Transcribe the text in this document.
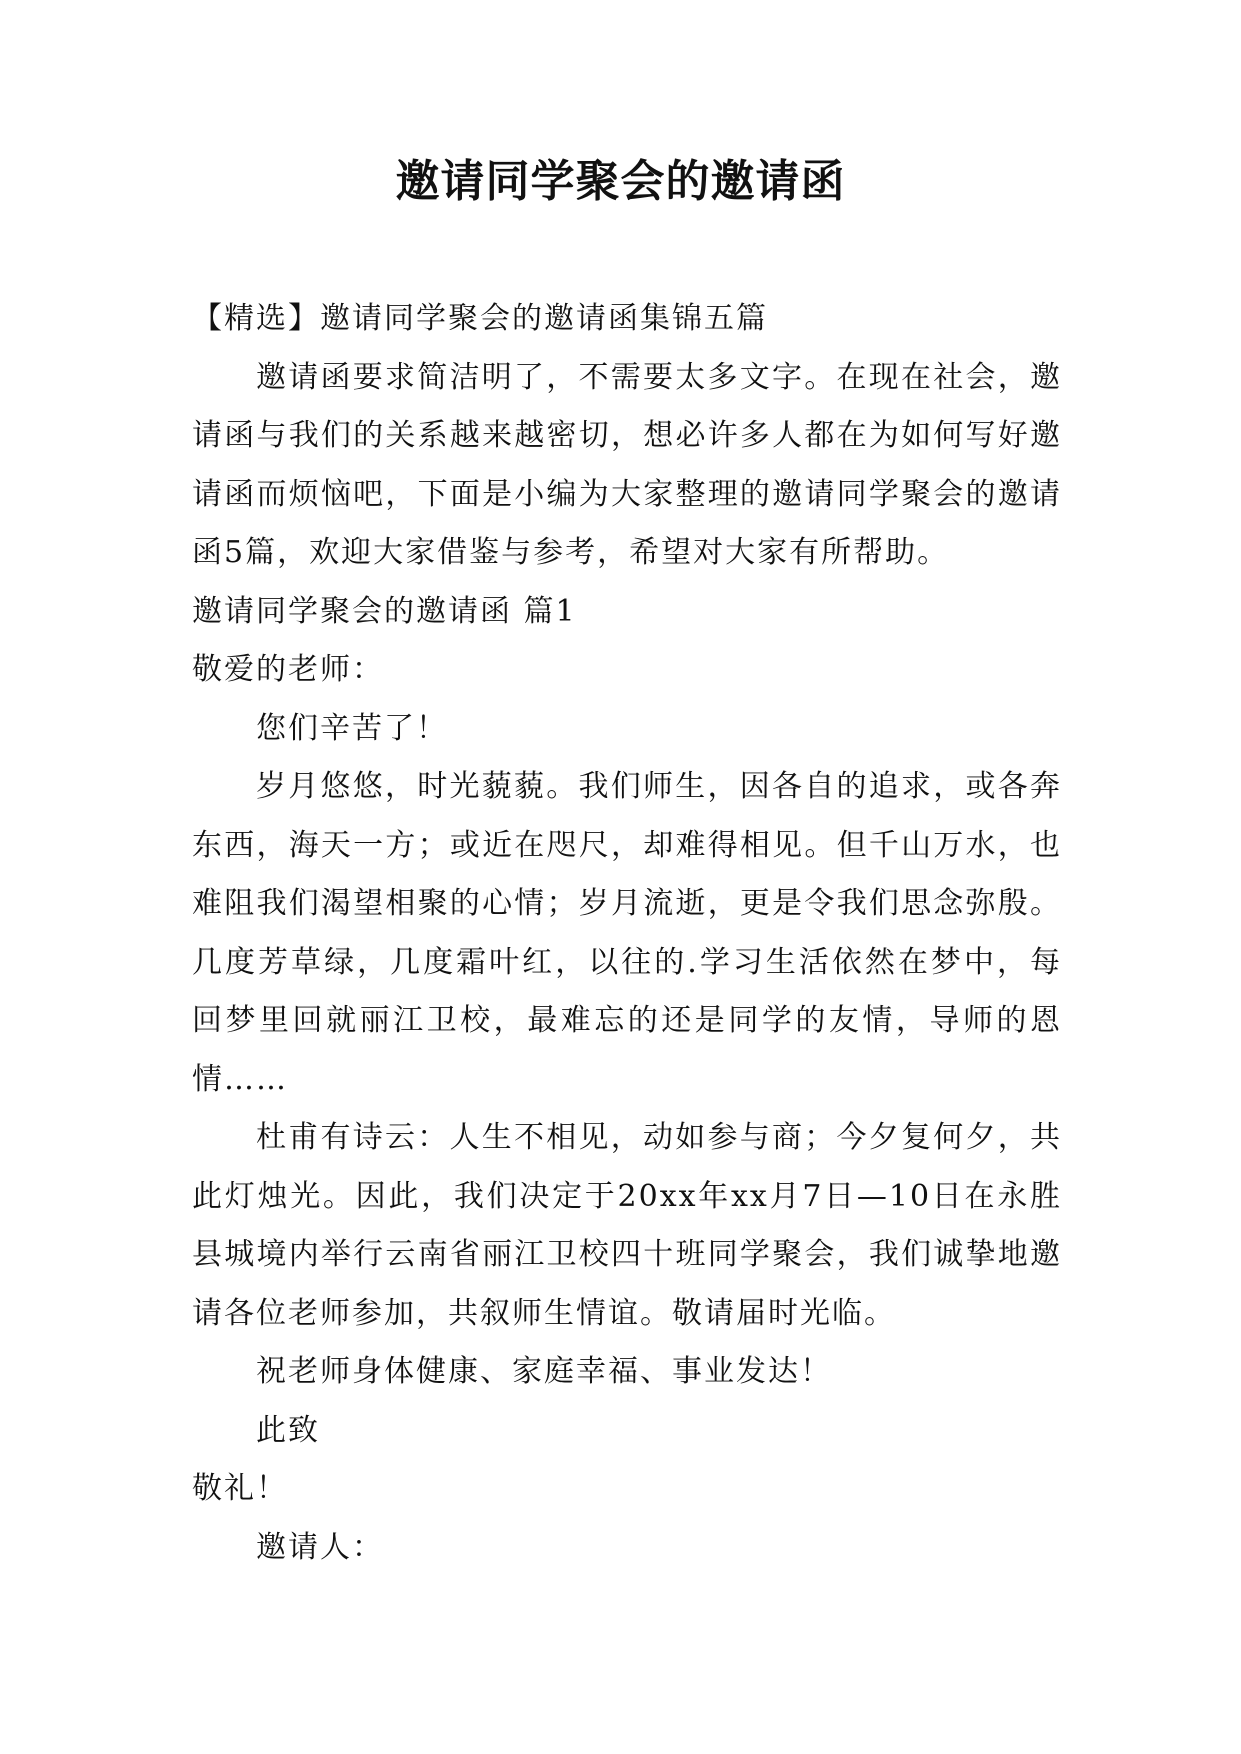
邀请同学聚会的邀请函

【精选】邀请同学聚会的邀请函集锦五篇

邀请函要求简洁明了，不需要太多文字。在现在社会，邀请函与我们的关系越来越密切，想必许多人都在为如何写好邀请函而烦恼吧，下面是小编为大家整理的邀请同学聚会的邀请函5篇，欢迎大家借鉴与参考，希望对大家有所帮助。

邀请同学聚会的邀请函 篇1

敬爱的老师：

您们辛苦了！

岁月悠悠，时光藐藐。我们师生，因各自的追求，或各奔东西，海天一方；或近在咫尺，却难得相见。但千山万水，也难阻我们渴望相聚的心情；岁月流逝，更是令我们思念弥殷。几度芳草绿，几度霜叶红，以往的.学习生活依然在梦中，每回梦里回就丽江卫校，最难忘的还是同学的友情，导师的恩情……

杜甫有诗云：人生不相见，动如参与商；今夕复何夕，共此灯烛光。因此，我们决定于20xx年xx月7日—10日在永胜县城境内举行云南省丽江卫校四十班同学聚会，我们诚挚地邀请各位老师参加，共叙师生情谊。敬请届时光临。

祝老师身体健康、家庭幸福、事业发达！

此致

敬礼！

邀请人：
